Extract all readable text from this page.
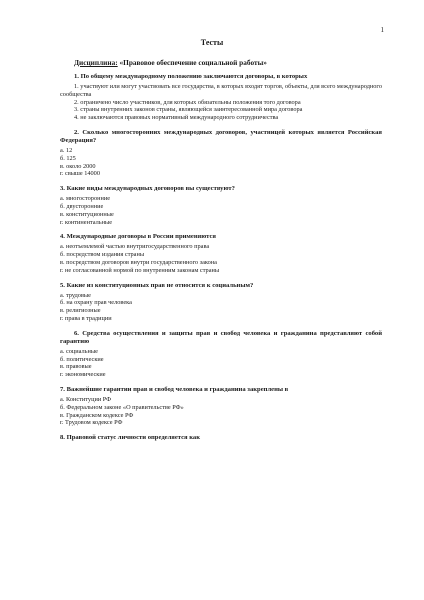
1
Тесты

Дисциплина: «Правовое обеспечение социальной работы»

1. По общему международному положению заключаются договоры, в которых

1. участвуют или могут участвовать все государства, в которых входят торгов, объекты, для всего международного сообщества

2. ограничено число участников, для которых обязательны положения того договора

3. страны внутренних законов страны, являющейся заинтересованной мира договора

4. не заключаются правовых нормативный международного сотрудничества

2. Сколько многосторонних международных договоров, участницей которых является Российская Федерация?

а. 12

б. 125

в. около 2000

г. свыше 14000

3. Какие виды международных договоров вы существуют?

а. многосторонние

б. двусторонние

в. конституционные

г. континентальные

4. Международные договоры в России применяются

а. неотъемлемой частью внутригосударственного права

б. посредством издания страны

в. посредством договоров внутри государственного закона

г. не согласованной нормой по внутренним законам страны

5. Какие из конституционных прав не относится к социальным?

а. трудовые

б. на охрану прав человека

в. религиозные

г. права в традиции

6. Средства осуществления и защиты прав и свобод человека и гражданина представляют собой гарантию

а. социальные

б. политические

в. правовые

г. экономические

7. Важнейшие гарантии прав и свобод человека и гражданина закреплены в

а. Конституции РФ

б. Федеральном законе «О правительстве РФ»

в. Гражданском кодексе РФ

г. Трудовом кодексе РФ

8. Правовой статус личности определяется как
